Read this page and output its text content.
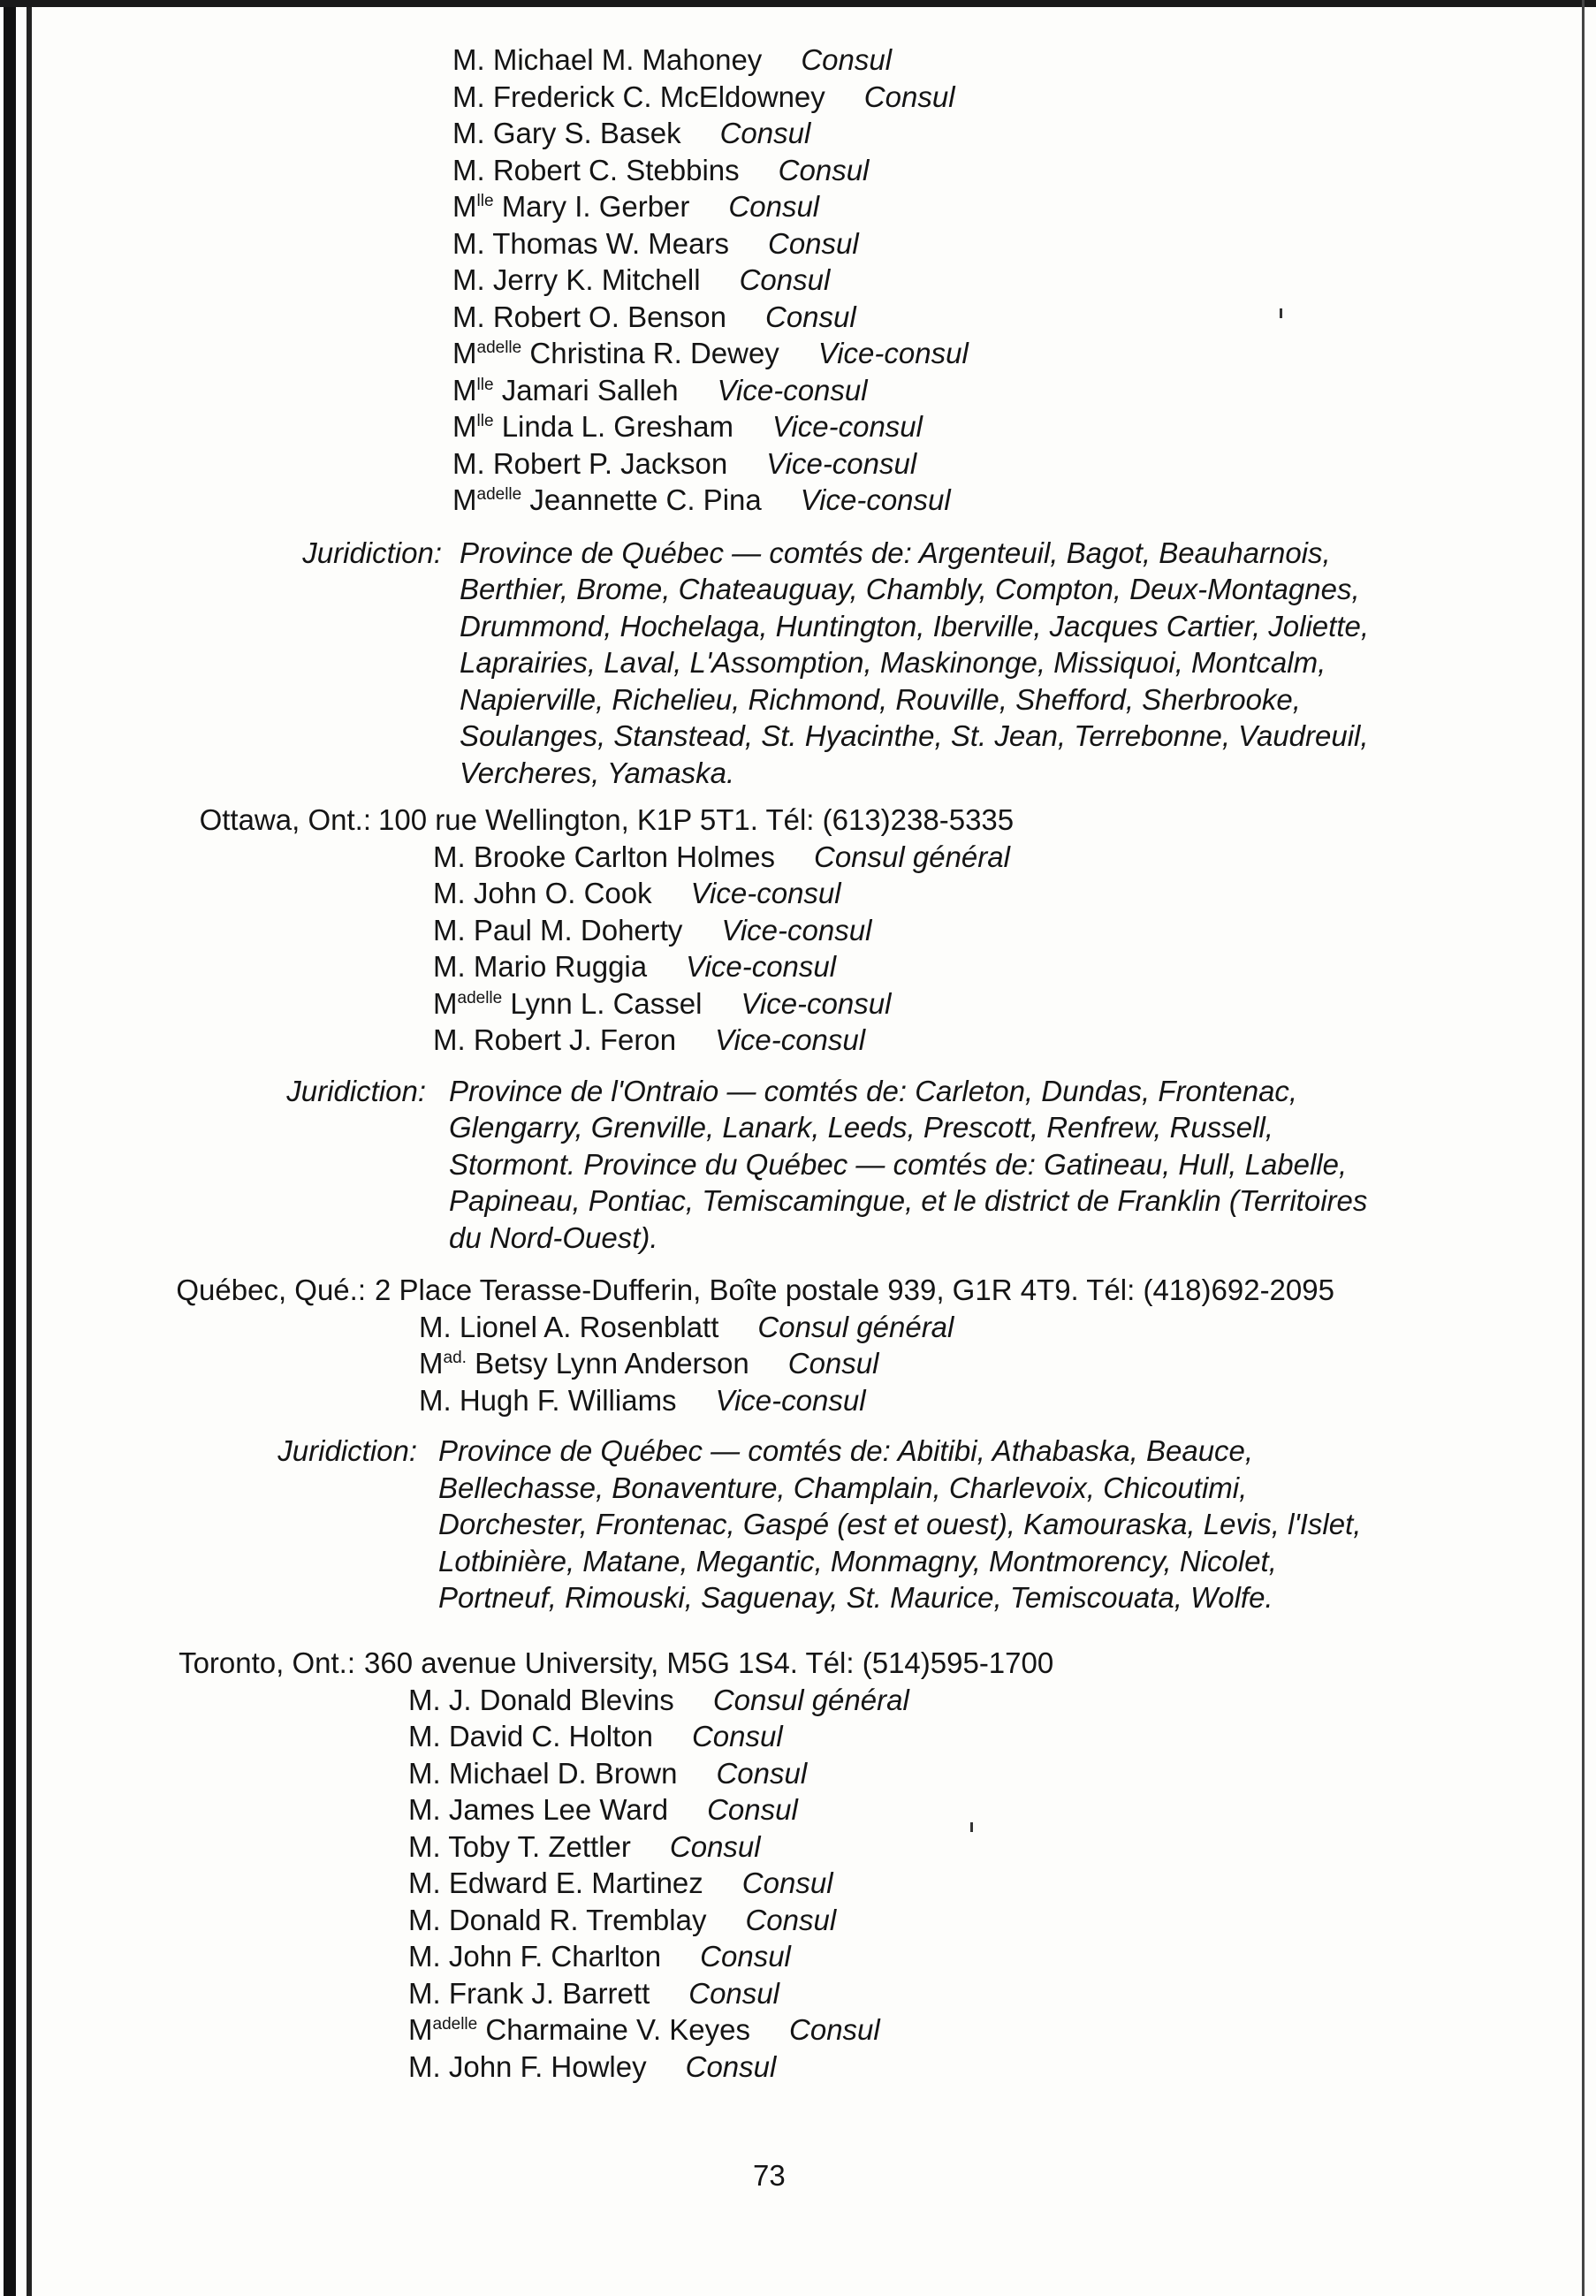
M. Michael M. Mahoney Consul
M. Frederick C. McEldowney Consul
M. Gary S. Basek Consul
M. Robert C. Stebbins Consul
$M^{lle}$ Mary I. Gerber Consul
M. Thomas W. Mears Consul
M. Jerry K. Mitchell Consul
M. Robert O. Benson Consul
$M^{adelle}$ Christina R. Dewey Vice-consul
$M^{lle}$ Jamari Salleh Vice-consul
$M^{lle}$ Linda L. Gresham Vice-consul
M. Robert P. Jackson Vice-consul
$M^{adelle}$ Jeannette C. Pina Vice-consul
Juridiction: Province de Québec — comtés de: Argenteuil, Bagot, Beauharnois,
Berthier, Brome, Chateauguay, Chambly, Compton, Deux-Montagnes,
Drummond, Hochelaga, Huntington, Iberville, Jacques Cartier, Joliette,
Laprairies, Laval, L'Assomption, Maskinonge, Missiquoi, Montcalm,
Napierville, Richelieu, Richmond, Rouville, Shefford, Sherbrooke,
Soulanges, Stanstead, St. Hyacinthe, St. Jean, Terrebonne, Vaudreuil,
Vercheres, Yamaska.
Ottawa, Ont.: 100 rue Wellington, K1P 5T1. Tél: (613)238-5335
M. Brooke Carlton Holmes Consul général
M. John O. Cook Vice-consul
M. Paul M. Doherty Vice-consul
M. Mario Ruggia Vice-consul
$M^{adelle}$ Lynn L. Cassel Vice-consul
M. Robert J. Feron Vice-consul
Juridiction: Province de l'Ontraio — comtés de: Carleton, Dundas, Frontenac,
Glengarry, Grenville, Lanark, Leeds, Prescott, Renfrew, Russell,
Stormont. Province du Québec — comtés de: Gatineau, Hull, Labelle,
Papineau, Pontiac, Temiscamingue, et le district de Franklin (Territoires
du Nord-Ouest).
Québec, Qué.: 2 Place Terasse-Dufferin, Boîte postale 939, G1R 4T9. Tél: (418)692-2095
M. Lionel A. Rosenblatt Consul général
$M^{ad.}$ Betsy Lynn Anderson Consul
M. Hugh F. Williams Vice-consul
Juridiction: Province de Québec — comtés de: Abitibi, Athabaska, Beauce,
Bellechasse, Bonaventure, Champlain, Charlevoix, Chicoutimi,
Dorchester, Frontenac, Gaspé (est et ouest), Kamouraska, Levis, l'Islet,
Lotbinière, Matane, Megantic, Monmagny, Montmorency, Nicolet,
Portneuf, Rimouski, Saguenay, St. Maurice, Temiscouata, Wolfe.
Toronto, Ont.: 360 avenue University, M5G 1S4. Tél: (514)595-1700
M. J. Donald Blevins Consul général
M. David C. Holton Consul
M. Michael D. Brown Consul
M. James Lee Ward Consul
M. Toby T. Zettler Consul
M. Edward E. Martinez Consul
M. Donald R. Tremblay Consul
M. John F. Charlton Consul
M. Frank J. Barrett Consul
$M^{adelle}$ Charmaine V. Keyes Consul
M. John F. Howley Consul
73
